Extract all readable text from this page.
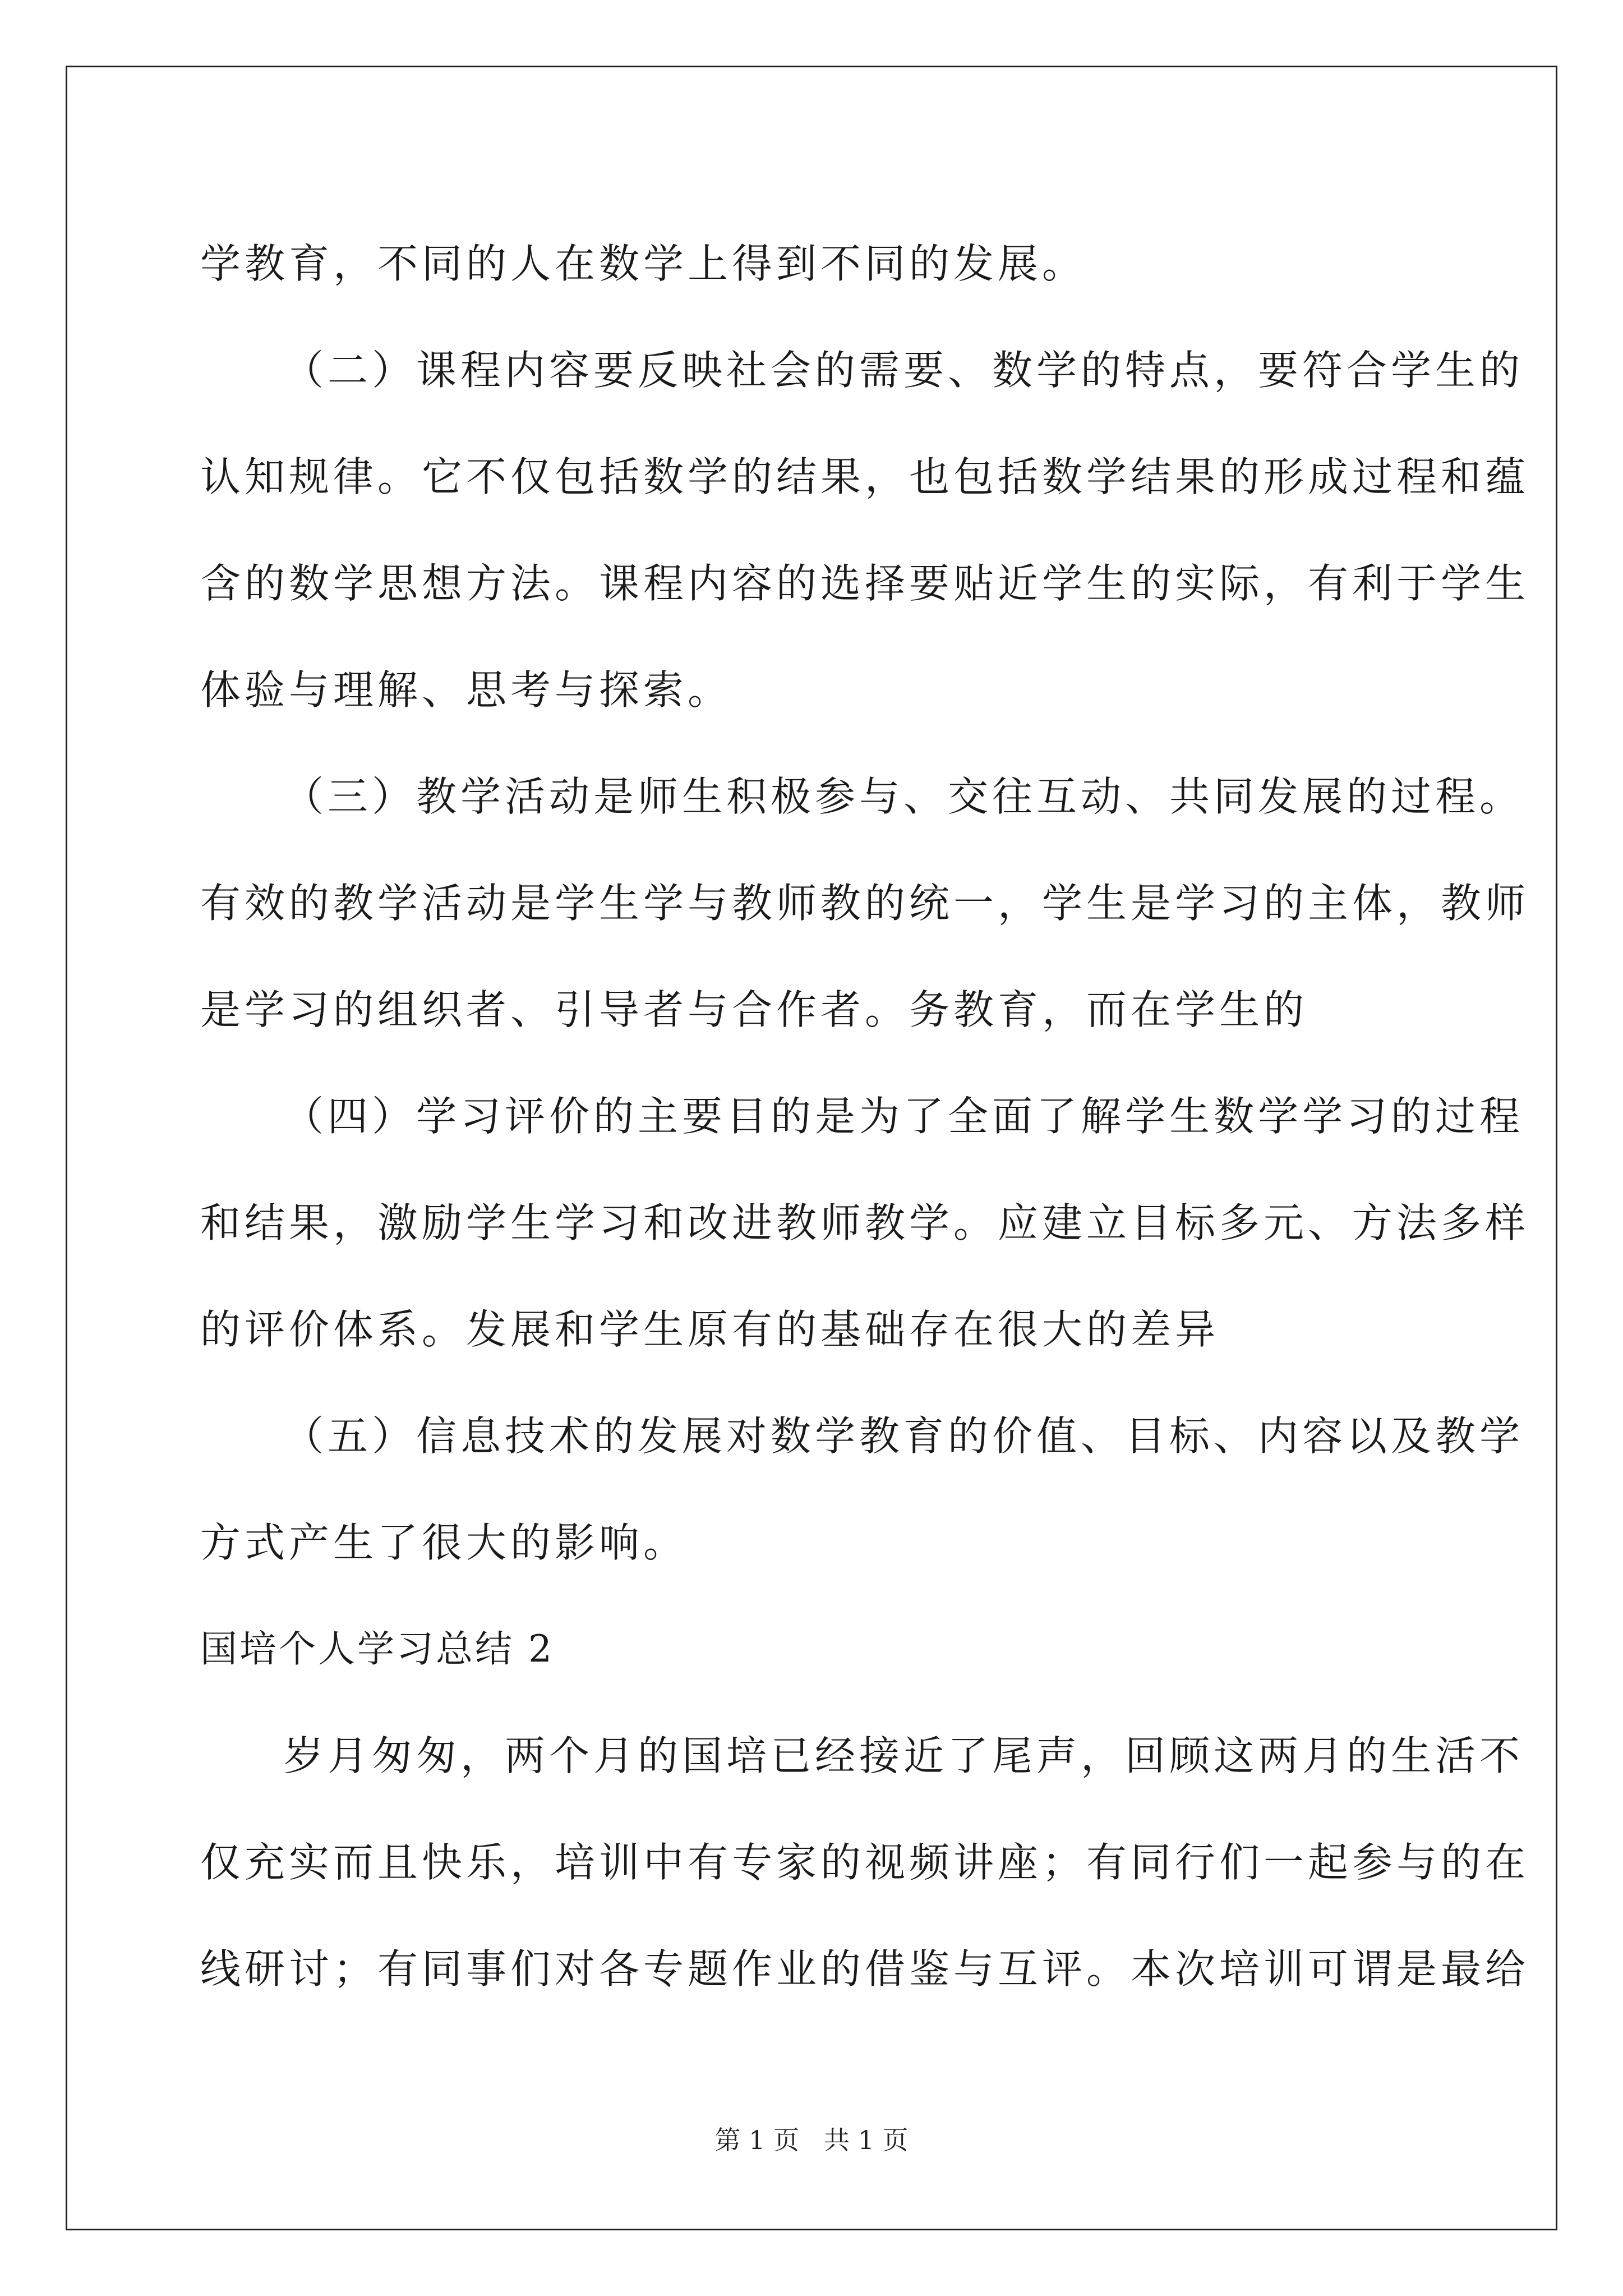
学教育，不同的人在数学上得到不同的发展。
（二）课程内容要反映社会的需要、数学的特点，要符合学生的
认知规律。它不仅包括数学的结果，也包括数学结果的形成过程和蕴
含的数学思想方法。课程内容的选择要贴近学生的实际，有利于学生
体验与理解、思考与探索。
（三）教学活动是师生积极参与、交往互动、共同发展的过程。
有效的教学活动是学生学与教师教的统一，学生是学习的主体，教师
是学习的组织者、引导者与合作者。务教育，而在学生的
（四）学习评价的主要目的是为了全面了解学生数学学习的过程
和结果，激励学生学习和改进教师教学。应建立目标多元、方法多样
的评价体系。发展和学生原有的基础存在很大的差异
（五）信息技术的发展对数学教育的价值、目标、内容以及教学
方式产生了很大的影响。
国培个人学习总结 2
岁月匆匆，两个月的国培已经接近了尾声，回顾这两月的生活不
仅充实而且快乐，培训中有专家的视频讲座；有同行们一起参与的在
线研讨；有同事们对各专题作业的借鉴与互评。本次培训可谓是最给
第 1 页 共 1 页
